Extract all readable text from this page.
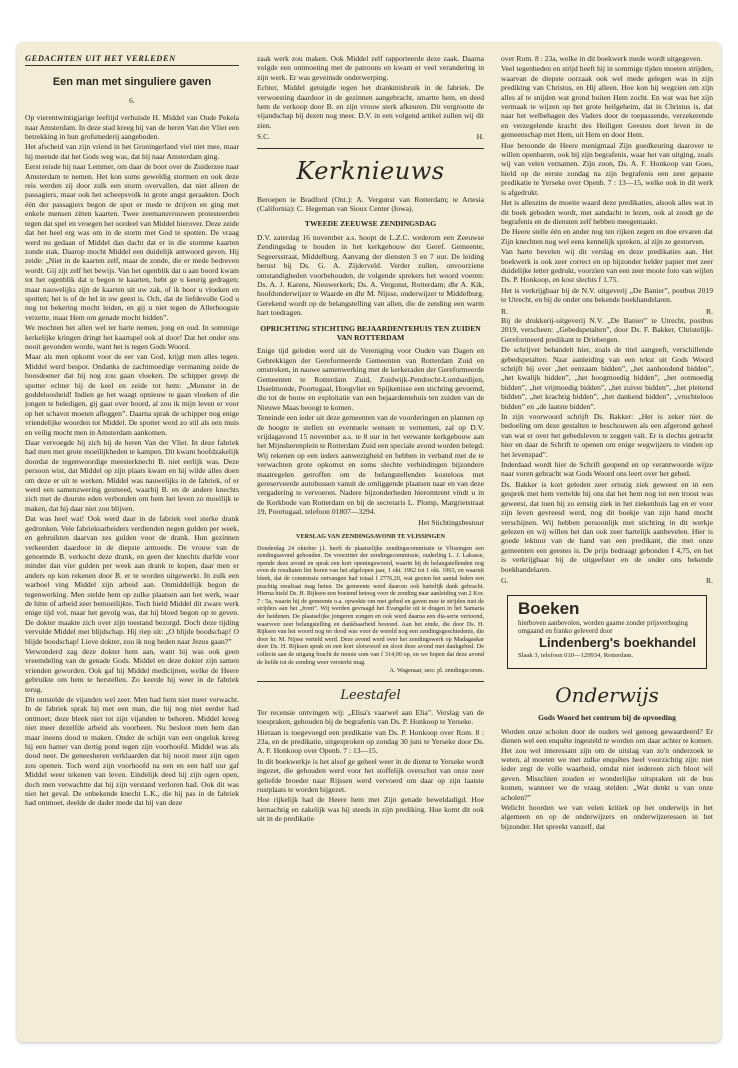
GEDACHTEN UIT HET VERLEDEN
Een man met singuliere gaven
6.

Op vierentwintigjarige leeftijd verhuisde H. Middel van Oude Pekela naar Amsterdam. In deze stad kreeg hij van de heren Van der Vliet een betrekking in hun grofsmederij aangeboden.

Het afscheid van zijn vriend in het Groningerland viel niet mee, maar hij meende dat het Gods weg was, dat hij naar Amsterdam ging.

Eerst reisde hij naar Lemmer, om daar de boot over de Zuiderzee naar Amsterdam te nemen. Het kon soms geweldig stormen en ook deze reis werden zij door zulk een storm overvallen, dat niet alleen de passagiers, maar ook het scheepsvolk in grote angst geraakten. Doch één der passagiers begon de spot er mede te drijven en ging met enkele mensen zitten kaarten. Twee zeemansvrouwen protesteerden tegen dat spel en vroegen het oordeel van Middel hierover. Deze zeide dat het heel erg was om in de storm met God te spotten. De vraag werd nu gedaan of Middel dan dacht dat er in die stomme kaarten zonde stak. Daarop mocht Middel een duidelijk antwoord geven. Hij zeide: „Niet in de kaarten zelf, maar de zonde, die er mede bedreven wordt. Gij zijt zelf het bewijs. Van het ogenblik dat u aan boord kwam tot het ogenblik dat u begon te kaarten, hebt ge u keurig gedragen; maar nauwelijks zijn de kaarten uit uw zak, of ik hoor u vloeken en spotten; het is of de hel in uw geest is. Och, dat de liefdevolle God u nog tot bekering mocht leiden, en gij u niet tegen de Allerhoogste verzette, maar Hem om genade mocht bidden”.

We mochten het allen wel ter harte nemen, jong en oud. In sommige kerkelijke kringen dringt het kaartspel ook al door! Dat het onder ons nooit gevonden worde, want het is tegen Gods Woord.

Maar als men opkomt voor de eer van God, krijgt men alles tegen. Middel werd bespot. Ondanks de zachtmoedige vermaning zeide de boosdoener dat hij nog zou gaan vloeken. De schipper greep de spotter echter bij de keel en zeide tot hem: „Monster in de goddeloosheid! Indien ge het waagt opnieuw te gaan vloeken of die jongen te beledigen, gij gaat over boord, al zou ik mijn leven er voor op het schavot moeten afleggen”. Daarna sprak de schipper nog enige vriendelijke woorden tot Middel. De spotter werd zo stil als een muis en veilig mocht men in Amsterdam aankomen.

Daar vervoegde hij zich bij de heren Van der Vliet. In deze fabriek had men met grote moeilijkheden te kampen. Dit kwam hoofdzakelijk doordat de tegenwoordige meesterknecht B. niet eerlijk was. Deze persoon wist, dat Middel op zijn plaats kwam en hij wilde alles doen om deze er uit te werken. Middel was nauwelijks in de fabriek, of er werd een samenzwering gesmeed, waarbij B. en de andere knechts zich met de duurste eden verbonden om hem het leven zo moeilijk te maken, dat hij daar niet zou blijven.

Dat was heel wat! Ook werd daar in de fabriek veel sterke drank gedronken. Vele fabrieksarbeiders verdienden negen gulden per week, en gebruikten daarvan zes gulden voor de drank. Hun gezinnen verkeerden daardoor in de diepste armoede. De vrouw van de genoemde B. verkocht deze drank, en geen der knechts durfde voor minder dan vier gulden per week aan drank te kopen, daar men er anders op kon rekenen door B. er te worden uitgewerkt. In zulk een warboel ving Middel zijn arbeid aan. Onmiddellijk begon de tegenwerking. Men stelde hem op zulke plaatsen aan het werk, waar de hitte of arbeid zeer bemoeilijkte. Toch hield Middel dit zware werk enige tijd vol, maar het gevolg was, dat hij bloed begon op te geven. De dokter maakte zich over zijn toestand bezorgd. Doch deze tijding vervulde Middel met blijdschap. Hij riep uit: „O blijde boodschap! O blijde boodschap! Lieve dokter, zou ik nog heden naar Jezus gaan?”

Verwonderd zag deze dokter hem aan, want hij was ook geen vreemdeling van de genade Gods. Middel en deze dokter zijn samen vrienden geworden. Ook gaf hij Middel medicijnen, welke de Heere gebruikte om hem te herstellen. Zo keerde hij weer in de fabriek terug.

Dit ontstelde de vijanden wel zeer. Men had hem niet meer verwacht. In de fabriek sprak hij met een man, die hij nog niet eerder had ontmoet; deze bleek niet tot zijn vijanden te behoren. Middel kreeg niet meer dezelfde arbeid als voorheen. Nu besloot men hem dan maar ineens dood te maken. Onder de schijn van een ongeluk kreeg hij een hamer van dertig pond tegen zijn voorhoofd. Middel was als dood neer. De geneesheren verklaarden dat hij nooit meer zijn ogen zou openen. Toch werd zijn voorhoofd na een en een half uur gaf Middel weer tekenen van leven. Eindelijk deed hij zijn ogen open, doch men verwachtte dat hij zijn verstand verloren had. Ook dit was niet het geval. De onbekende knecht L.K., die hij pas in de fabriek had ontmoet, deelde de dader mede dat hij van deze

zaak werk zou maken. Ook Middel zelf rapporteerde deze zaak. Daarna volgde een ontmoeting met de patroons en kwam er veel verandering in zijn werk. Er was geveinsde onderwerping.

Echter, Middel getuigde tegen het drankmisbruik in de fabriek. De verwoesting daardoor in de gezinnen aangebracht, smartte hem, en deed hem de verkoop door B. en zijn vrouw sterk afkeuren. Dit vergrootte de vijandschap bij dezen nog meer. D.V. in een volgend artikel zullen wij dit zien.

S.C.	H.
Kerknieuws

Beroepen te Bradford (Ont.): A. Vergunst van Rotterdam; te Artesia (California): C. Hegeman van Sioux Center (Iowa).

TWEEDE ZEEUWSE ZENDINGSDAG

D.V. zaterdag 16 november a.s. hoopt de L.Z.C. wederom een Zeeuwse Zendingsdag te houden in het kerkgebouw der Geref. Gemeente, Segeersstraat, Middelburg. Aanvang der diensten 3 en 7 uur. De leiding berust bij Ds. G. A. Zijderveld. Verder zullen, onvoorziene omstandigheden voorbehouden, de volgende sprekers het woord voeren: Ds. A. J. Karens, Nieuwerkerk; Ds. A. Vergunst, Rotterdam; dhr A. Kik, hoofdonderwijzer te Waarde en dhr M. Nijsse, onderwijzer te Middelburg. Gerekend wordt op de belangstelling van allen, die de zending een warm hart toedragen.

OPRICHTING STICHTING BEJAARDENTEHUIS TEN ZUIDEN VAN ROTTERDAM

Enige tijd geleden werd uit de Vereniging voor Ouden van Dagen en Gebrekkigen der Gereformeerde Gemeenten van Rotterdam Zuid en omstreken, in nauwe samenwerking met de kerkeraden der Gereformeerde Gemeenten te Rotterdam Zuid, Zuidwijk-Pendrecht-Lombardijen, IJsselmonde, Poortugaal, Hoogvliet en Spijkenisse een stichting gevormd, die tot de bouw en exploitatie van een bejaardentehuis ten zuiden van de Nieuwe Maas beoogt te komen.

Teneinde een ieder uit deze gemeenten van de voorderingen en plannen op de hoogte te stellen en eventuele wensen te vernemen, zal op D.V. vrijdagavond 15 november a.s. te 8 uur in het verwante kerkgebouw aan het Mijnsherenplein te Rotterdam Zuid een speciale avond worden belegd. Wij rekenen op een ieders aanwezigheid en hebben in verband met de te verwachten grote opkomst en soms slechte verbindingen bijzondere maatregelen getroffen om de belangstellenden kosteloos met gereserveerde autobussen vanuit de omliggende plaatsen naar en van deze vergadering te vervoeren. Nadere bijzonderheden hieromtrent vindt u in de Kerkbode van Rotterdam en bij de secretaris L. Plomp, Margrietstraat 19, Poortugaal, telefoon 01807—3294.

Het Stichtingsbestuur
VERSLAG VAN ZENDINGSAVOND TE VLISSINGEN

Donderdag 24 oktober j.l. heeft de plaatselijke zendingscommissie te Vlissingen een zendingsavond gehouden. De voorzitter der zendingscommissie, ouderling L. J. Lakasse, opende deze avond en sprak een kort openingswoord, waarin hij de belangstellenden nog even de resultaten liet horen van het afgelopen jaar, 1 okt. 1962 tot 1 okt. 1963, en waaruit bleek, dat de commissie ontvangen had totaal f 2776,20, wat gezien het aantal leden een prachtig resultaat mag heten. De gemeente werd daarom ook hartelijk dank gebracht. Hierna hield Ds. H. Rijksen een boeiend betoog voor de zending naar aanleiding van 2 Kor. 7 : 5a, waarin hij de gemeente o.a. opwekte om met gebed en gaven mee te strijden met de strijders aan het „front”. Wij werden gevraagd het Evangelie uit te dragen in het Samaria der heidenen. De plaatselijke jongeren zongen en ook werd daarna een dia-serie vertoond, waarvoor zeer belangstelling en dankbaarheid bestond. Aan het einde, die door Ds. H. Rijksen van het woord nog ter dood was voor de wereld nog een zendingsgeschiedenis, die door hr. M. Nijsse verteld werd. Deze avond werd over het zendingswerk op Madagaskar door Ds. H. Rijksen sprak en een kort slotwoord en sloot deze avond met dankgebed. De collecte aan de uitgang bracht de mooie som van f 314,00 op, en we hopen dat deze avond de liefde tot de zending weer versterkt mag.

A. Wagenaar, secr. pl. zendingscomm.
Leestafel

Ter recensie ontvingen wij: „Elisa's vaarwel aan Elia”. Verslag van de toespraken, gehouden bij de begrafenis van Ds. P. Honkoop te Yerseke.

Hieraan is toegevoegd een predikatie van Ds. P. Honkoop over Rom. 8 : 23a, en de predikatie, uitgesproken op zondag 30 juni te Yerseke door Ds. A. F. Honkoop over Openb. 7 : 13—15.

In dit boekwerkje is het alsof ge geheel weer in de dienst te Yerseke wordt ingezet, die gehouden werd voor het stoffelijk overschot van onze zeer geliefde broeder naar Rijssen werd vervoerd om daar op zijn laatste rustplaats te worden bijgezet.

Hoe rijkelijk had de Heere hem met Zijn genade beweldadigd. Hoe kernachtig en zakelijk was hij steeds in zijn prediking. Hoe komt dit ook uit in de predikatie

over Rom. 8 : 23a, welke in dit boekwerk mede wordt uitgegeven.

Veel tegenheden en strijd heeft hij in sommige tijden moeten strijden, waarvan de diepste oorzaak ook wel mede gelegen was in zijn prediking van Christus, en Hij alleen. Hoe kon hij wegzien om zijn alles af te snijden wat grond buiten Hem zocht. En wat was het zijn vermaak te wijzen op het grote heilgeheim, dat in Christus is, dat naar het welbehagen des Vaders door de toepassende, verzekerende en verzegelende kracht des Heiligen Geestes doet leven in de gemeenschap met Hem, uit Hem en door Hem.

Hoe betoonde de Heere menigmaal Zijn goedkeuring daarover te willen openbaren, ook bij zijn begrafenis, waar het van uitging, zoals wij van velen vernamen. Zijn zoon, Ds. A. F. Honkoop van Goes, hield op de eerste zondag na zijn begrafenis een zeer gepaste predikatie te Yerseke over Openb. 7 : 13—15, welke ook in dit werk is afgedrukt.

Het is alleszins de moeite waard deze predikaties, alsook alles wat in dit boek geboden wordt, met aandacht te lezen, ook al zoudt ge de begrafenis en de diensten zelf hebben meegemaakt.

De Heere stelle één en ander nog ten rijken zegen en doe ervaren dat Zijn knechten nog wel eens kennelijk spreken, al zijn ze gestorven.

Van harte bevelen wij dit verslag en deze predikaties aan. Het boekwerk is ook zeer correct en op bijzonder helder papier met zeer duidelijke letter gedrukt, voorzien van een zeer mooie foto van wijlen Ds. P. Honkoop, en kost slechts f 1.75.

Het is verkrijgbaar bij de N.V. uitgeverij „De Banier”, postbus 2019 te Utrecht, en bij de onder ons bekende boekhandelaren.

R.	R.

Bij de drukkerij-uitgeverij N.V. „De Banier” te Utrecht, postbus 2019, verscheen: „Gebedspetalten”, door Ds. F. Bakker, Christelijk-Gereformeerd predikant te Driebergen.

De schrijver behandelt hier, zoals de titel aangeeft, verschillende gebedspetalten. Naar aanleiding van een tekst uit Gods Woord schrijft hij over „het eenzaam bidden”, „het aanhoudend bidden”, „het kwalijk bidden”, „het hoogmoedig bidden”, „het ootmoedig bidden”, „het vrijmoedig bidden”, „het zuiver bidden”, „het pleitend bidden”, „het krachtig bidden”, „het dankend bidden”, „vruchteloos bidden” en „de laatste bidden”.

In zijn voorwoord schrijft Ds. Bakker: „Het is zeker niet de bedoeling om deze gestalten te beschouwen als een afgerond geheel van wat er over het gebedsleven te zeggen valt. Er is slechts getracht hier en daar de Schrift te openen om enige wegwijzers te vinden op het levenspad”.

Inderdaad wordt hier de Schrift geopend en op verantwoorde wijze naar voren gebracht wat Gods Woord ons leert over het gebed.

Ds. Bakker is kort geleden zeer ernstig ziek geweest en in een gesprek met hem vertelde hij ons dat het hem nog tot een troost was geweest, dat toen hij zo ernstig ziek in het ziekenhuis lag en er voor zijn leven gevreesd werd, nog dit boekje van zijn hand mocht verschijnen. Wij hebben persoonlijk met stichting in dit werkje gelezen en wij willen het dan ook zeer hartelijk aanbevelen. Hier is goede lektuur van de hand van een predikant, die met onze gemeenten een geestes is. De prijs bedraagt gebonden f 4,75, en het is verkrijgbaar bij de uitgeefster en de onder ons bekende boekhandelaren.

G.	R.
Boeken
hierboven aanbevolen, worden gaarne zonder prijsverhoging omgaand en franko geleverd door
Lindenberg's boekhandel
Slaak 3, telefoon 010—129934, Rotterdam.
Onderwijs
Gods Woord het centrum bij de opvoeding

Worden onze scholen door de ouders wel genoeg gewaardeerd? Er dienen wel een enquête ingesteld te worden om daar achter te komen. Het zou wel interessant zijn om de uitslag van zo'n onderzoek te weten, al moeten we met zulke enquêtes heel voorzichtig zijn: niet ieder zegt de volle waarheid, omdat niet iedereen zich bloot wil geven. Misschien zouden er wonderlijke uitspraken uit de bus komen, wanneer we de vraag stelden: „Wat denkt u van onze scholen?”

Welicht hoorden we van velen kritiek op het onderwijs in het algemeen en op de onderwijzers en onderwijzeressen in het bijzonder. Het spreekt vanzelf, dat
